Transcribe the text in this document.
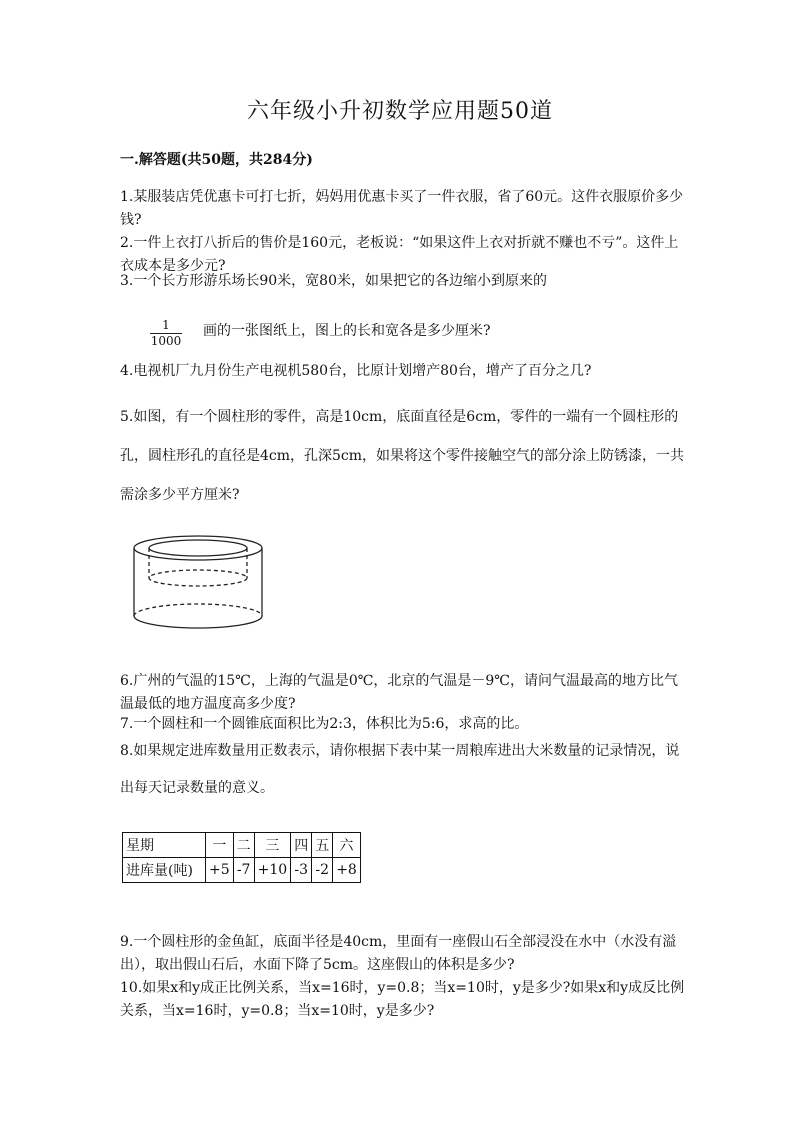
六年级小升初数学应用题50道
一.解答题(共50题，共284分)
1.某服装店凭优惠卡可打七折，妈妈用优惠卡买了一件衣服，省了60元。这件衣服原价多少钱?
2.一件上衣打八折后的售价是160元，老板说：“如果这件上衣对折就不赚也不亏”。这件上衣成本是多少元?
3.一个长方形游乐场长90米，宽80米，如果把它的各边缩小到原来的
1
1000
画的一张图纸上，图上的长和宽各是多少厘米?
4.电视机厂九月份生产电视机580台，比原计划增产80台，增产了百分之几?
5.如图，有一个圆柱形的零件，高是10cm，底面直径是6cm，零件的一端有一个圆柱形的孔，圆柱形孔的直径是4cm，孔深5cm，如果将这个零件接触空气的部分涂上防锈漆，一共需涂多少平方厘米?
6.广州的气温的15℃，上海的气温是0℃，北京的气温是－9℃，请问气温最高的地方比气温最低的地方温度高多少度?
7.一个圆柱和一个圆锥底面积比为2:3，体积比为5:6，求高的比。
8.如果规定进库数量用正数表示，请你根据下表中某一周粮库进出大米数量的记录情况，说出每天记录数量的意义。
星期	一	二	三	四	五	六
进库量(吨)	+5	-7	+10	-3	-2	+8
9.一个圆柱形的金鱼缸，底面半径是40cm，里面有一座假山石全部浸没在水中（水没有溢出），取出假山石后，水面下降了5cm。这座假山的体积是多少?
10.如果x和y成正比例关系，当x=16时，y=0.8；当x=10时，y是多少?如果x和y成反比例关系，当x=16时，y=0.8；当x=10时，y是多少?
